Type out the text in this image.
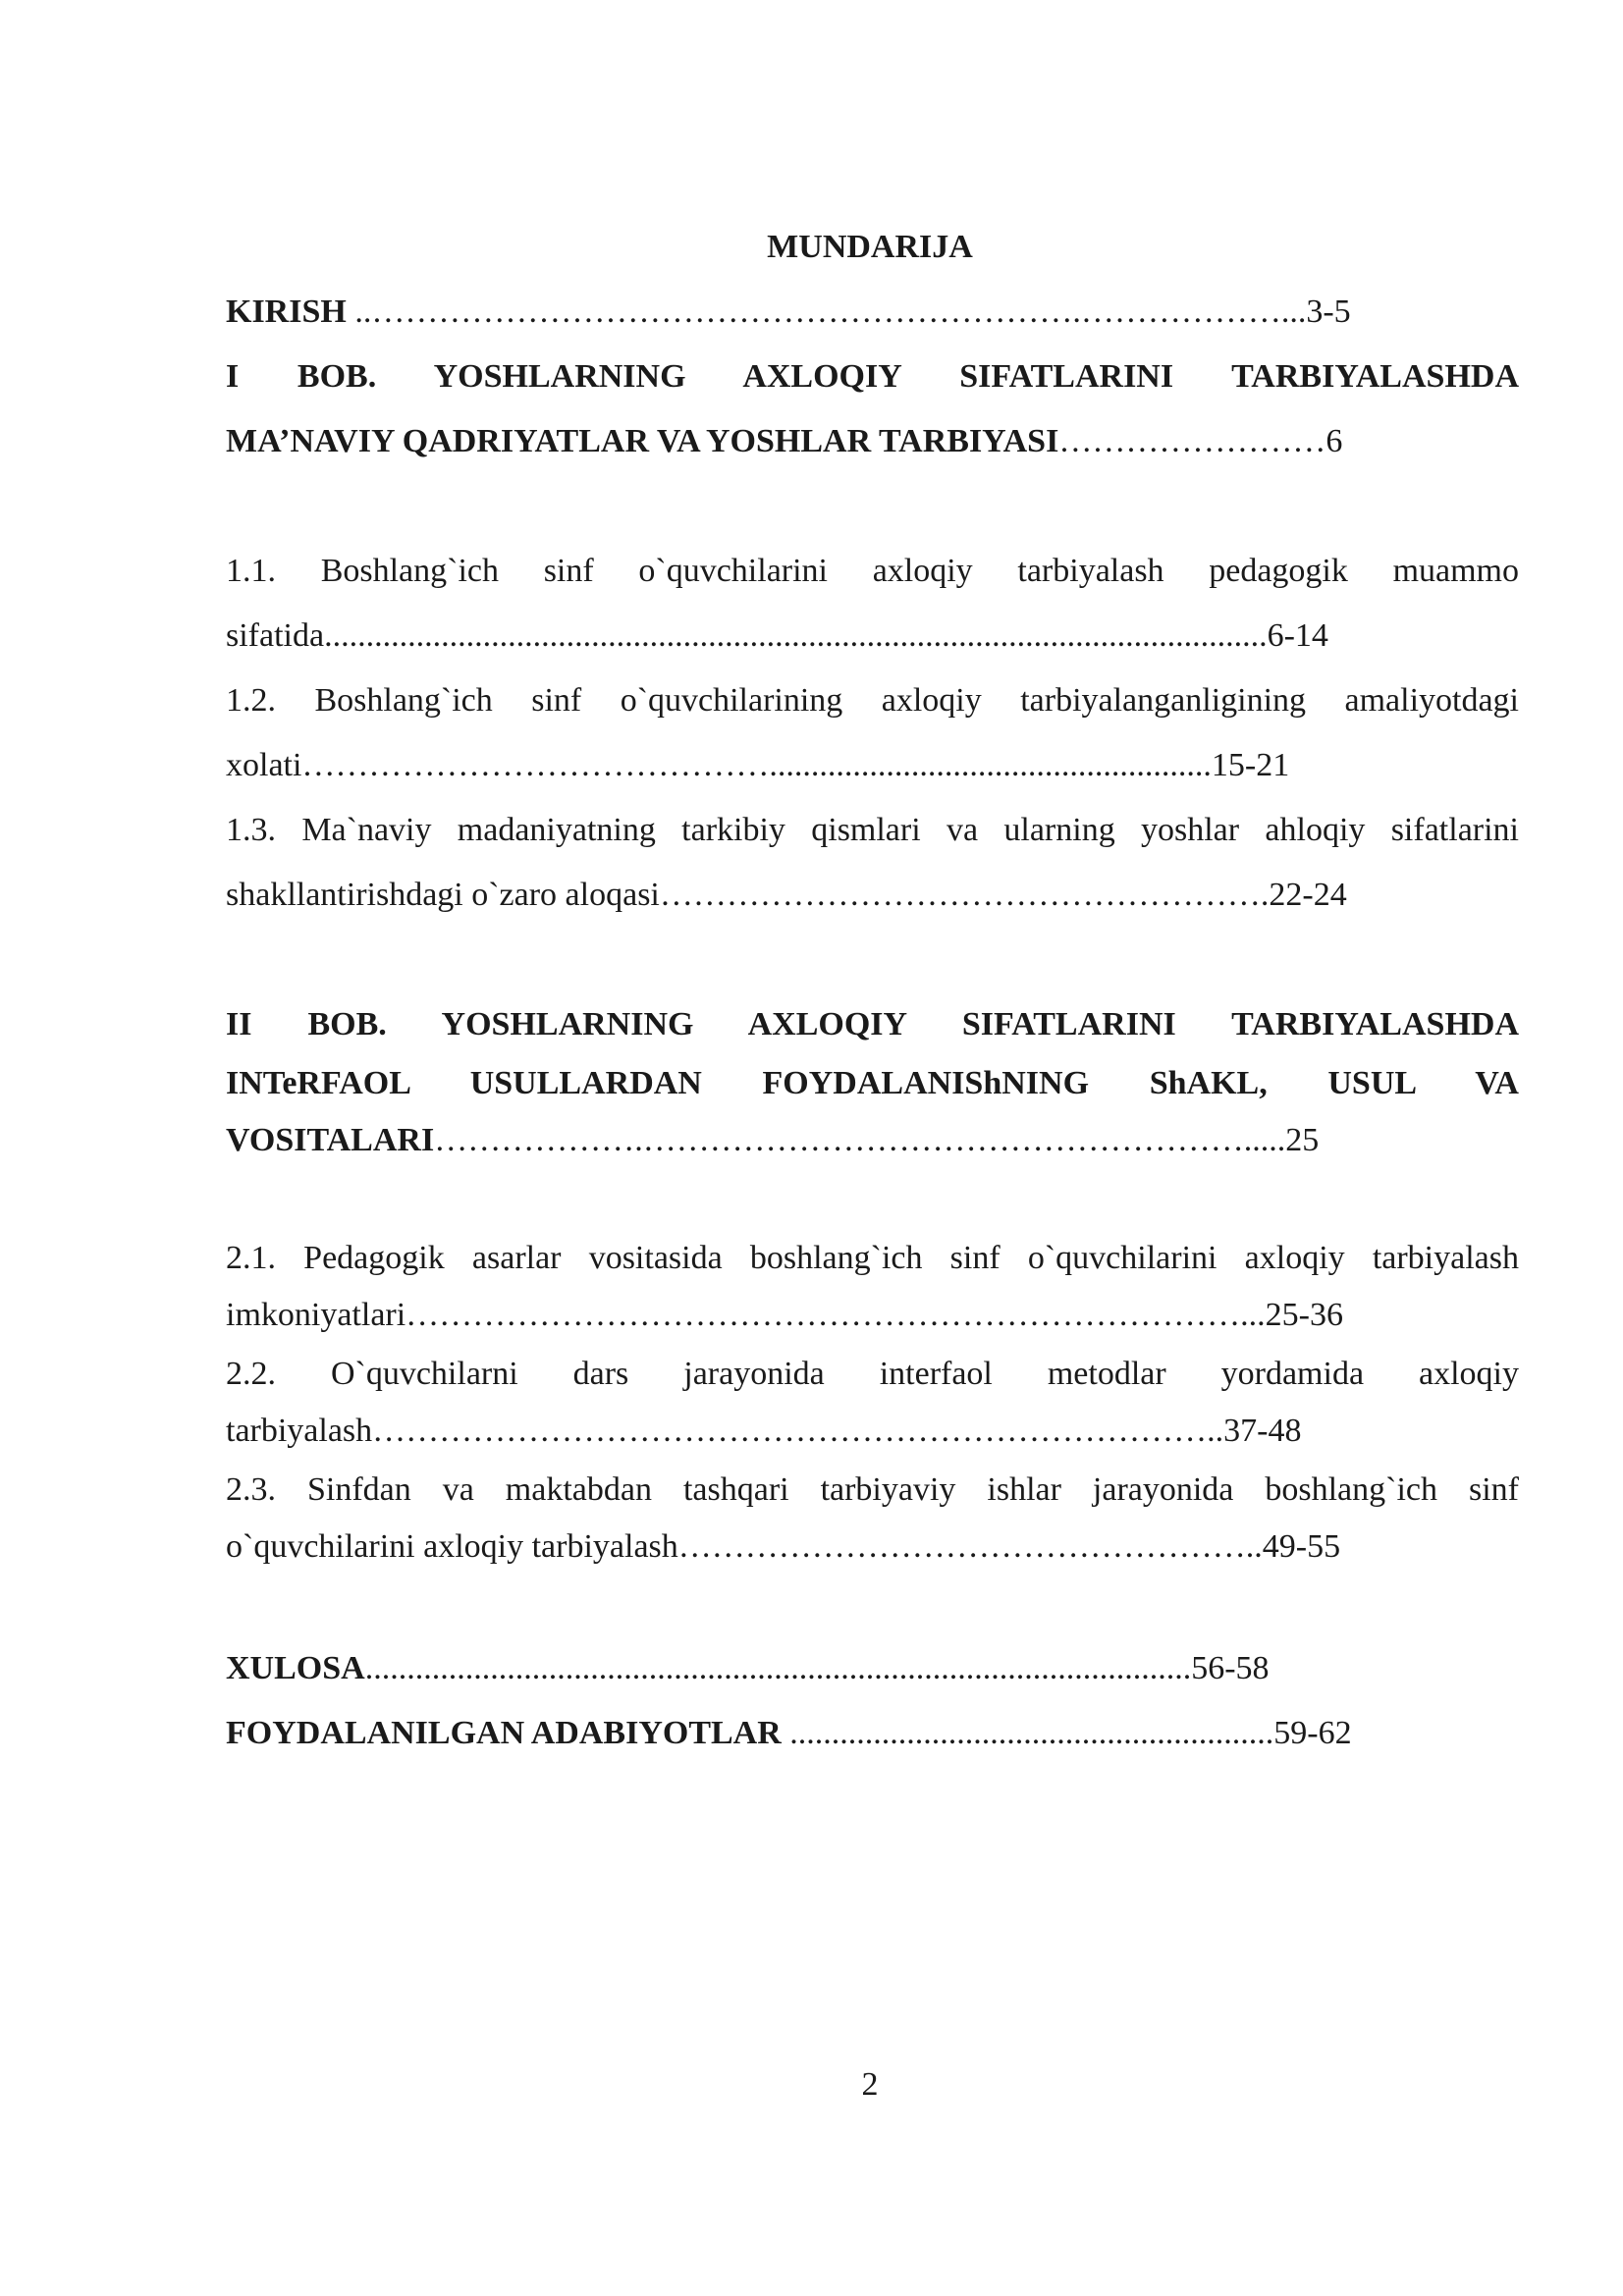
MUNDARIJA
KIRISH ..……………………………………………………….………………...3-5
I BOB. YOSHLARNING AXLOQIY SIFATLARINI TARBIYALASHDA
MA’NAVIY QADRIYATLAR VA YOSHLAR TARBIYASI……………………6
1.1. Boshlang`ich sinf o`quvchilarini axloqiy tarbiyalash pedagogik muammo
sifatida.................................................................................................................6-14
1.2. Boshlang`ich sinf o`quvchilarining axloqiy tarbiyalanganligining amaliyotdagi
xolati…………………………………….....................................................15-21
1.3. Ma`naviy madaniyatning tarkibiy qismlari va ularning yoshlar ahloqiy sifatlarini
shakllantirishdagi o`zaro aloqasi……………………………………………….22-24
II BOB. YOSHLARNING AXLOQIY SIFATLARINI TARBIYALASHDA
INTeRFAOL USULLARDAN FOYDALANIShNING ShAKL, USUL VA
VOSITALARI……………….……………………………………………….....25
2.1. Pedagogik asarlar vositasida boshlang`ich sinf o`quvchilarini axloqiy tarbiyalash
imkoniyatlari…………………………………………………………………...25-36
2.2. O`quvchilarni dars jarayonida interfaol metodlar yordamida axloqiy
tarbiyalash…………………………………………………………………..37-48
2.3. Sinfdan va maktabdan tashqari tarbiyaviy ishlar jarayonida boshlang`ich sinf
o`quvchilarini axloqiy tarbiyalash……………………………………………..49-55
XULOSA...................................................................................................56-58
FOYDALANILGAN ADABIYOTLAR ..........................................................59-62
2
